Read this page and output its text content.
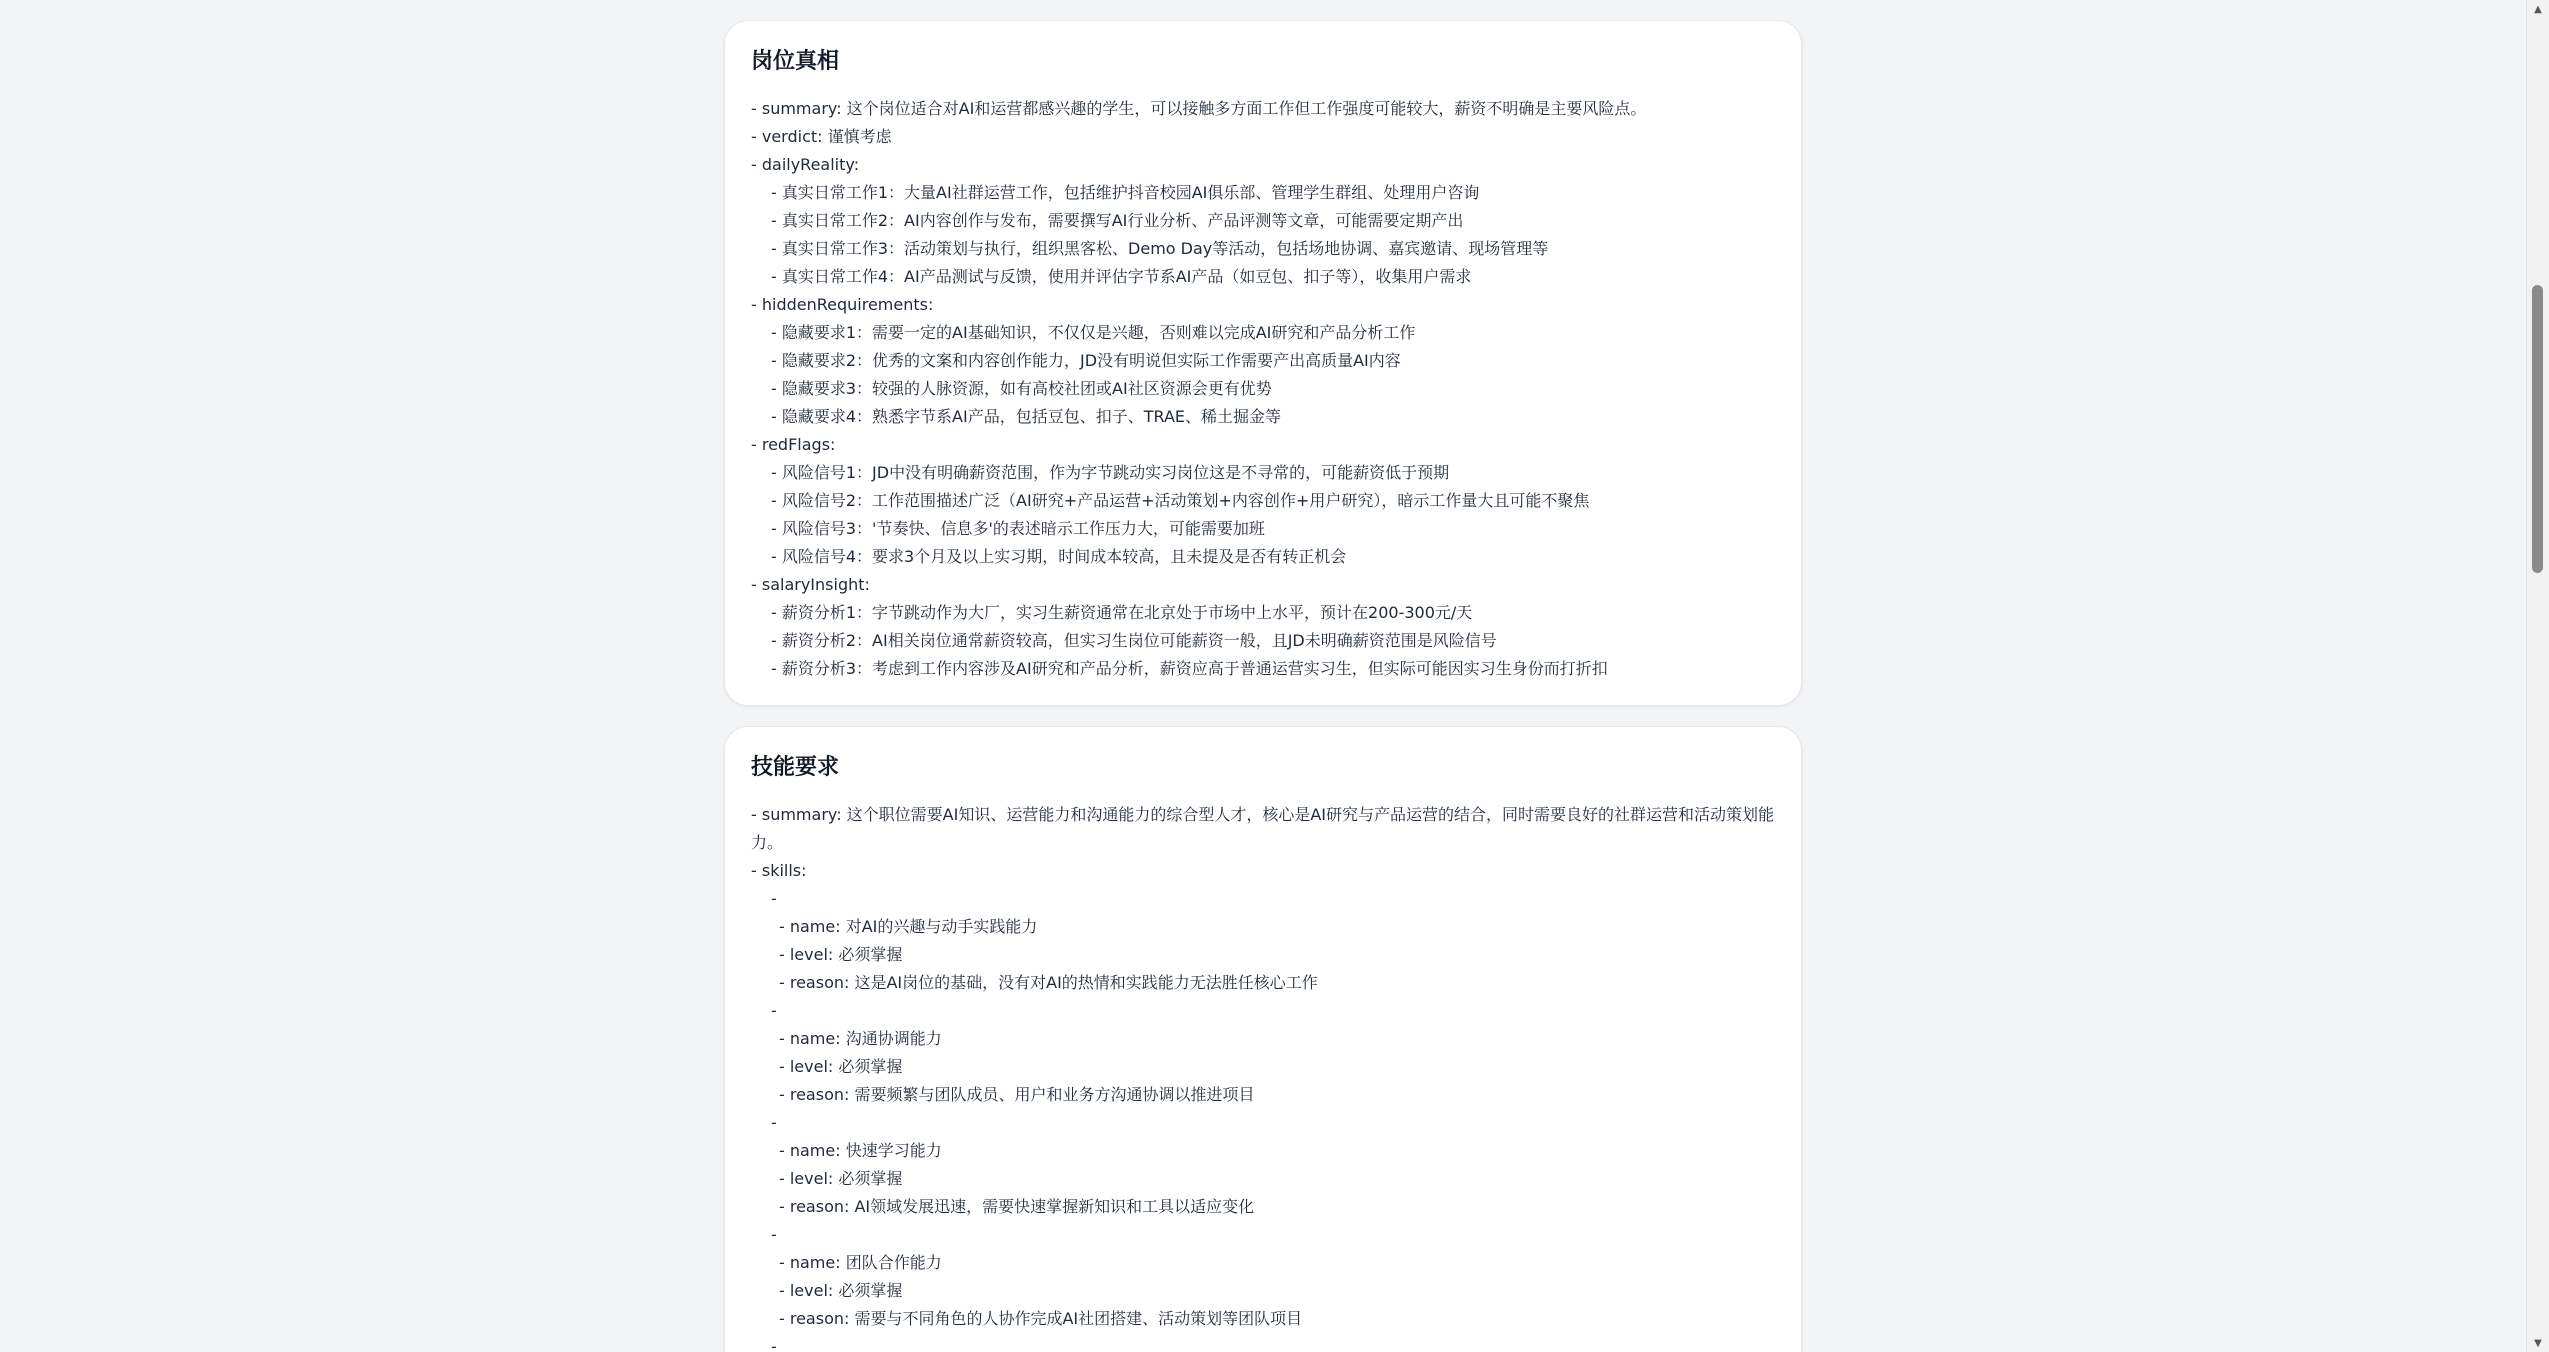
岗位真相
- summary: 这个岗位适合对AI和运营都感兴趣的学生，可以接触多方面工作但工作强度可能较大，薪资不明确是主要风险点。
- verdict: 谨慎考虑
- dailyReality:
- 真实日常工作1：大量AI社群运营工作，包括维护抖音校园AI俱乐部、管理学生群组、处理用户咨询
- 真实日常工作2：AI内容创作与发布，需要撰写AI行业分析、产品评测等文章，可能需要定期产出
- 真实日常工作3：活动策划与执行，组织黑客松、Demo Day等活动，包括场地协调、嘉宾邀请、现场管理等
- 真实日常工作4：AI产品测试与反馈，使用并评估字节系AI产品（如豆包、扣子等），收集用户需求
- hiddenRequirements:
- 隐藏要求1：需要一定的AI基础知识，不仅仅是兴趣，否则难以完成AI研究和产品分析工作
- 隐藏要求2：优秀的文案和内容创作能力，JD没有明说但实际工作需要产出高质量AI内容
- 隐藏要求3：较强的人脉资源，如有高校社团或AI社区资源会更有优势
- 隐藏要求4：熟悉字节系AI产品，包括豆包、扣子、TRAE、稀土掘金等
- redFlags:
- 风险信号1：JD中没有明确薪资范围，作为字节跳动实习岗位这是不寻常的，可能薪资低于预期
- 风险信号2：工作范围描述广泛（AI研究+产品运营+活动策划+内容创作+用户研究），暗示工作量大且可能不聚焦
- 风险信号3：'节奏快、信息多'的表述暗示工作压力大，可能需要加班
- 风险信号4：要求3个月及以上实习期，时间成本较高，且未提及是否有转正机会
- salaryInsight:
- 薪资分析1：字节跳动作为大厂，实习生薪资通常在北京处于市场中上水平，预计在200-300元/天
- 薪资分析2：AI相关岗位通常薪资较高，但实习生岗位可能薪资一般，且JD未明确薪资范围是风险信号
- 薪资分析3：考虑到工作内容涉及AI研究和产品分析，薪资应高于普通运营实习生，但实际可能因实习生身份而打折扣
技能要求
- summary: 这个职位需要AI知识、运营能力和沟通能力的综合型人才，核心是AI研究与产品运营的结合，同时需要良好的社群运营和活动策划能力。
- skills:
-
- name: 对AI的兴趣与动手实践能力
- level: 必须掌握
- reason: 这是AI岗位的基础，没有对AI的热情和实践能力无法胜任核心工作
-
- name: 沟通协调能力
- level: 必须掌握
- reason: 需要频繁与团队成员、用户和业务方沟通协调以推进项目
-
- name: 快速学习能力
- level: 必须掌握
- reason: AI领域发展迅速，需要快速掌握新知识和工具以适应变化
-
- name: 团队合作能力
- level: 必须掌握
- reason: 需要与不同角色的人协作完成AI社团搭建、活动策划等团队项目
-
▲
▼
